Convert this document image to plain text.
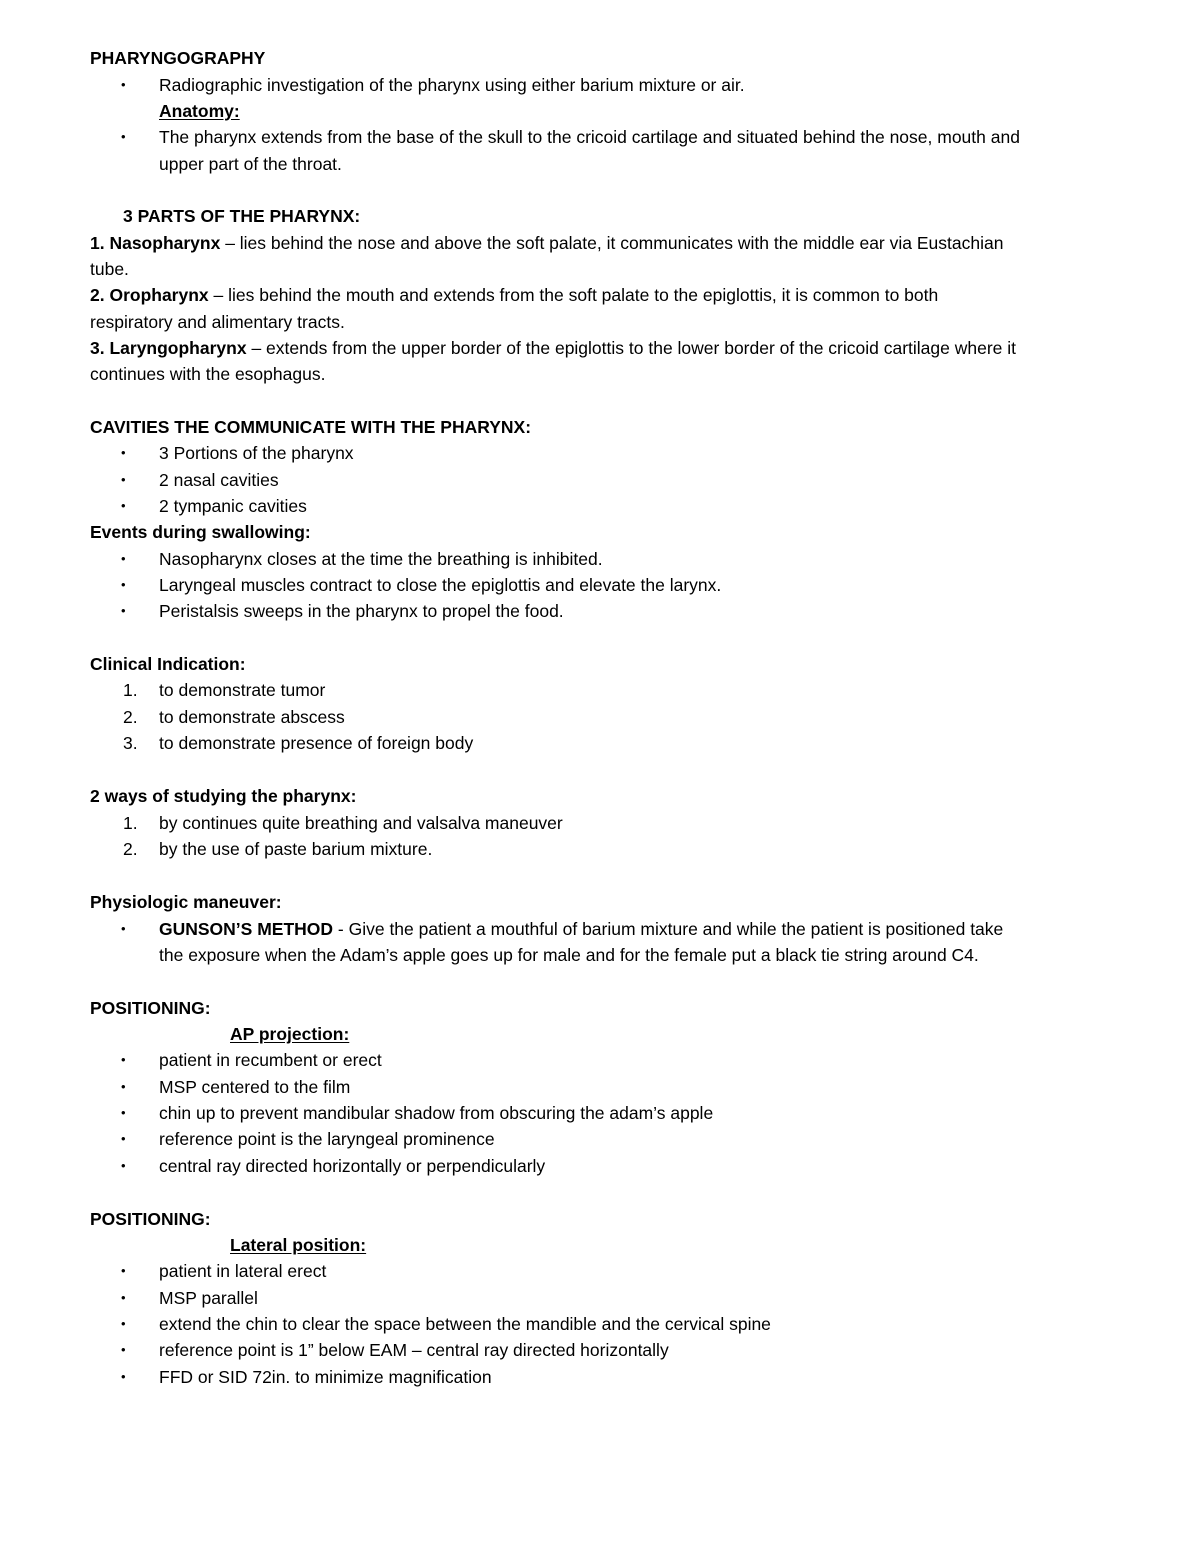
PHARYNGOGRAPHY
• Radiographic investigation of the pharynx using either barium mixture or air.
Anatomy:
• The pharynx extends from the base of the skull to the cricoid cartilage and situated behind the nose, mouth and
upper part of the throat.
3 PARTS OF THE PHARYNX:
1. Nasopharynx – lies behind the nose and above the soft palate, it communicates with the middle ear via Eustachian
tube.
2. Oropharynx – lies behind the mouth and extends from the soft palate to the epiglottis, it is common to both
respiratory and alimentary tracts.
3. Laryngopharynx – extends from the upper border of the epiglottis to the lower border of the cricoid cartilage where it
continues with the esophagus.
CAVITIES THE COMMUNICATE WITH THE PHARYNX:
• 3 Portions of the pharynx
• 2 nasal cavities
• 2 tympanic cavities
Events during swallowing:
• Nasopharynx closes at the time the breathing is inhibited.
• Laryngeal muscles contract to close the epiglottis and elevate the larynx.
• Peristalsis sweeps in the pharynx to propel the food.
Clinical Indication:
1. to demonstrate tumor
2. to demonstrate abscess
3. to demonstrate presence of foreign body
2 ways of studying the pharynx:
1. by continues quite breathing and valsalva maneuver
2. by the use of paste barium mixture.
Physiologic maneuver:
• GUNSON’S METHOD - Give the patient a mouthful of barium mixture and while the patient is positioned take
the exposure when the Adam’s apple goes up for male and for the female put a black tie string around C4.
POSITIONING:
AP projection:
• patient in recumbent or erect
• MSP centered to the film
• chin up to prevent mandibular shadow from obscuring the adam’s apple
• reference point is the laryngeal prominence
• central ray directed horizontally or perpendicularly
POSITIONING:
Lateral position:
• patient in lateral erect
• MSP parallel
• extend the chin to clear the space between the mandible and the cervical spine
• reference point is 1” below EAM – central ray directed horizontally
• FFD or SID 72in. to minimize magnification
